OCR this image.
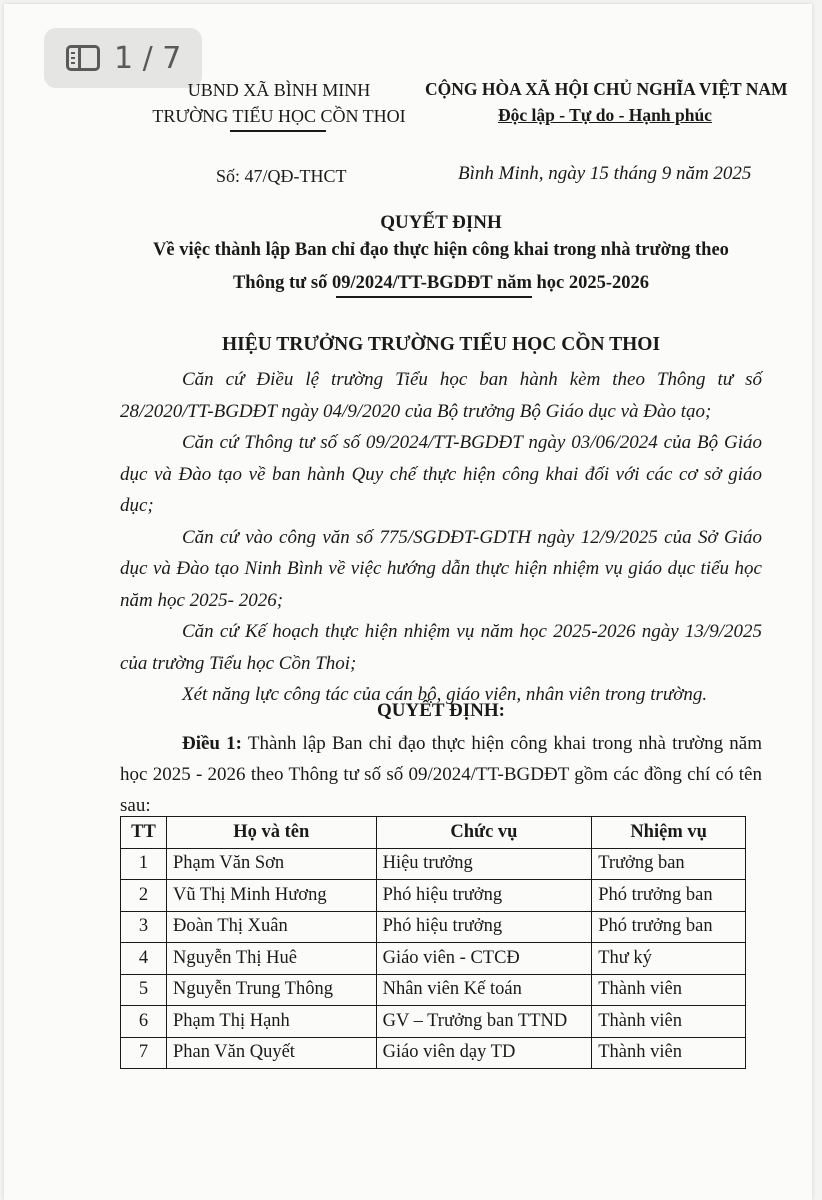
1 / 7
UBND XÃ BÌNH MINH
TRƯỜNG TIỂU HỌC CỒN THOI
CỘNG HÒA XÃ HỘI CHỦ NGHĨA VIỆT NAM
Độc lập - Tự do - Hạnh phúc
Số: 47/QĐ-THCT	Bình Minh, ngày 15 tháng 9 năm 2025
QUYẾT ĐỊNH
Về việc thành lập Ban chỉ đạo thực hiện công khai trong nhà trường theo
Thông tư số 09/2024/TT-BGDĐT năm học 2025-2026
HIỆU TRƯỞNG TRƯỜNG TIỂU HỌC CỒN THOI

Căn cứ Điều lệ trường Tiểu học ban hành kèm theo Thông tư số 28/2020/TT-BGDĐT ngày 04/9/2020 của Bộ trưởng Bộ Giáo dục và Đào tạo;

Căn cứ Thông tư số số 09/2024/TT-BGDĐT ngày 03/06/2024 của Bộ Giáo dục và Đào tạo về ban hành Quy chế thực hiện công khai đối với các cơ sở giáo dục;

Căn cứ vào công văn số 775/SGDĐT-GDTH ngày 12/9/2025 của Sở Giáo dục và Đào tạo Ninh Bình về việc hướng dẫn thực hiện nhiệm vụ giáo dục tiểu học năm học 2025- 2026;

Căn cứ Kế hoạch thực hiện nhiệm vụ năm học 2025-2026 ngày 13/9/2025 của trường Tiểu học Cồn Thoi;

Xét năng lực công tác của cán bộ, giáo viên, nhân viên trong trường.

QUYẾT ĐỊNH:

Điều 1: Thành lập Ban chỉ đạo thực hiện công khai trong nhà trường năm học 2025 - 2026 theo Thông tư số số 09/2024/TT-BGDĐT gồm các đồng chí có tên sau:

TT	Họ và tên	Chức vụ	Nhiệm vụ
1	Phạm Văn Sơn	Hiệu trưởng	Trưởng ban
2	Vũ Thị Minh Hương	Phó hiệu trưởng	Phó trưởng ban
3	Đoàn Thị Xuân	Phó hiệu trưởng	Phó trưởng ban
4	Nguyễn Thị Huê	Giáo viên - CTCĐ	Thư ký
5	Nguyễn Trung Thông	Nhân viên Kế toán	Thành viên
6	Phạm Thị Hạnh	GV – Trưởng ban TTND	Thành viên
7	Phan Văn Quyết	Giáo viên dạy TD	Thành viên
